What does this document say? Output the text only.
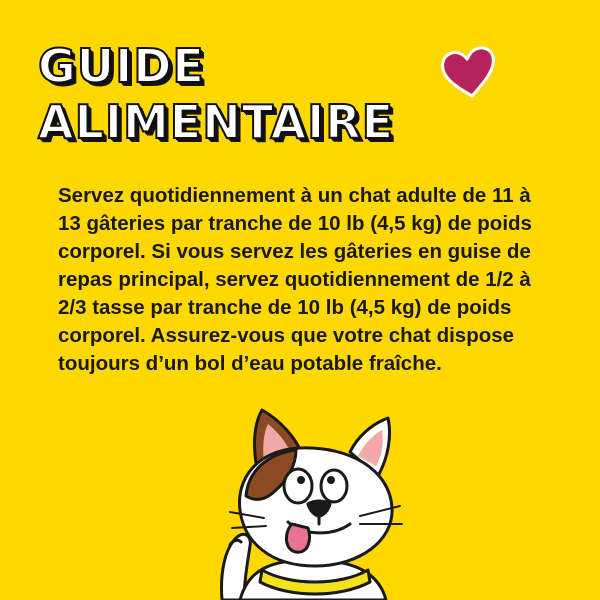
GUIDE
ALIMENTAIRE

Servez quotidiennement à un chat adulte de 11 à 13 gâteries par tranche de 10 lb (4,5 kg) de poids corporel. Si vous servez les gâteries en guise de repas principal, servez quotidiennement de 1/2 à 2/3 tasse par tranche de 10 lb (4,5 kg) de poids corporel. Assurez-vous que votre chat dispose toujours d’un bol d’eau potable fraîche.
